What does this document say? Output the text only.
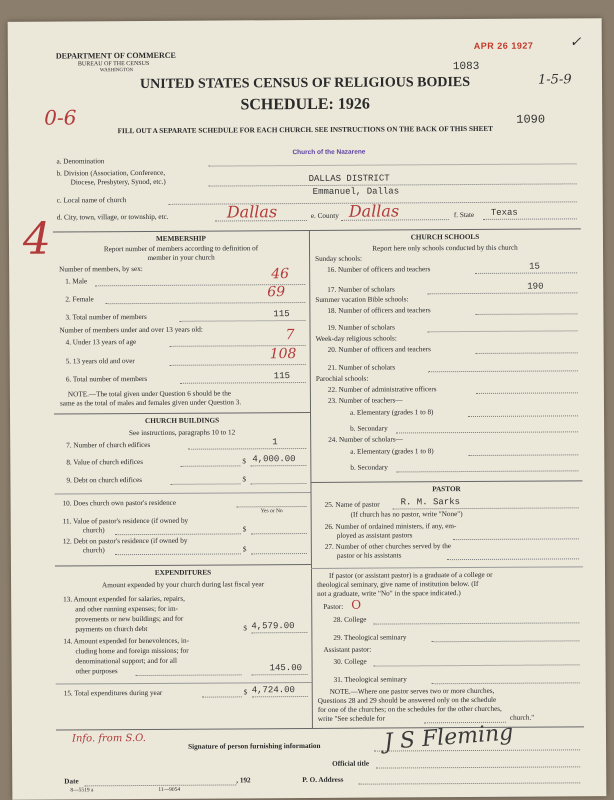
DEPARTMENT OF COMMERCE
BUREAU OF THE CENSUS
WASHINGTON
APR 26 1927	✓
1083
1-5-9
0-6	1090
UNITED STATES CENSUS OF RELIGIOUS BODIES
SCHEDULE: 1926
FILL OUT A SEPARATE SCHEDULE FOR EACH CHURCH. SEE INSTRUCTIONS ON THE BACK OF THIS SHEET
Church of the Nazarene
a. Denomination
b. Division (Association, Conference,
Diocese, Presbytery, Synod, etc.)	DALLAS DISTRICT
Emmanuel, Dallas
c. Local name of church
d. City, town, village, or township, etc.	Dallas	e. County Dallas	f. State Texas
4	MEMBERSHIP
Report number of members according to definition of
member in your church
Number of members, by sex:
1. Male	46
2. Female	69
3. Total number of members	115
Number of members under and over 13 years old:
4. Under 13 years of age	7
5. 13 years old and over	108
6. Total number of members	115
NOTE.—The total given under Question 6 should be the
same as the total of males and females given under Question 3.
CHURCH BUILDINGS
See instructions, paragraphs 10 to 12
7. Number of church edifices	1
8. Value of church edifices	$ 4,000.00
9. Debt on church edifices	$
10. Does church own pastor's residence
Yes or No
11. Value of pastor's residence (if owned by
church)	$
12. Debt on pastor's residence (if owned by
church)	$
EXPENDITURES
Amount expended by your church during last fiscal year
13. Amount expended for salaries, repairs,
and other running expenses; for im-
provements or new buildings; and for
payments on church debt	$ 4,579.00
14. Amount expended for benevolences, in-
cluding home and foreign missions; for
denominational support; and for all
other purposes	145.00
15. Total expenditures during year	$ 4,724.00
CHURCH SCHOOLS
Report here only schools conducted by this church
Sunday schools:
16. Number of officers and teachers	15
17. Number of scholars	190
Summer vacation Bible schools:
18. Number of officers and teachers
19. Number of scholars
Week-day religious schools:
20. Number of officers and teachers
21. Number of scholars
Parochial schools:
22. Number of administrative officers
23. Number of teachers—
a. Elementary (grades 1 to 8)
b. Secondary
24. Number of scholars—
a. Elementary (grades 1 to 8)
b. Secondary
PASTOR
25. Name of pastor R. M. Sarks
(If church has no pastor, write "None")
26. Number of ordained ministers, if any, em-
ployed as assistant pastors
27. Number of other churches served by the
pastor or his assistants
If pastor (or assistant pastor) is a graduate of a college or
theological seminary, give name of institution below. (If
not a graduate, write "No" in the space indicated.)
Pastor: O
28. College
29. Theological seminary
Assistant pastor:
30. College
31. Theological seminary
NOTE.—Where one pastor serves two or more churches,
Questions 28 and 29 should be answered only on the schedule
for one of the churches; on the schedules for the other churches,
write "See schedule for	church."
Info. from S.O.
Signature of person furnishing information	J S Fleming
Official title
Date	, 192	P. O. Address
8—5519 a	11—9054
